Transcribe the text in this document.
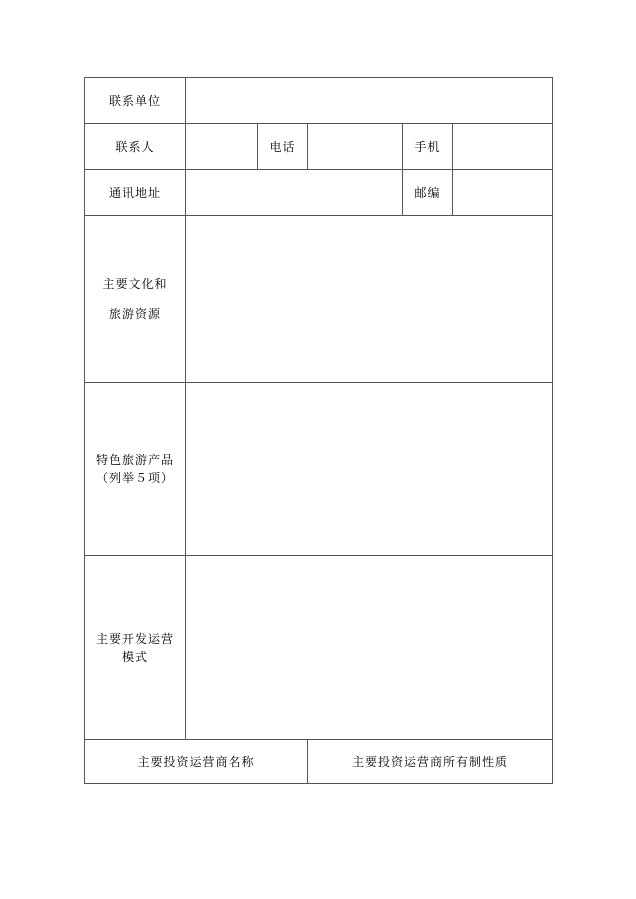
联系单位					
联系人		电话		手机	
通讯地址				邮编	

主要文化和
旅游资源					

特色旅游产品
（列举５项）					

主要开发运营
模式					

主要投资运营商名称			主要投资运营商所有制性质		
